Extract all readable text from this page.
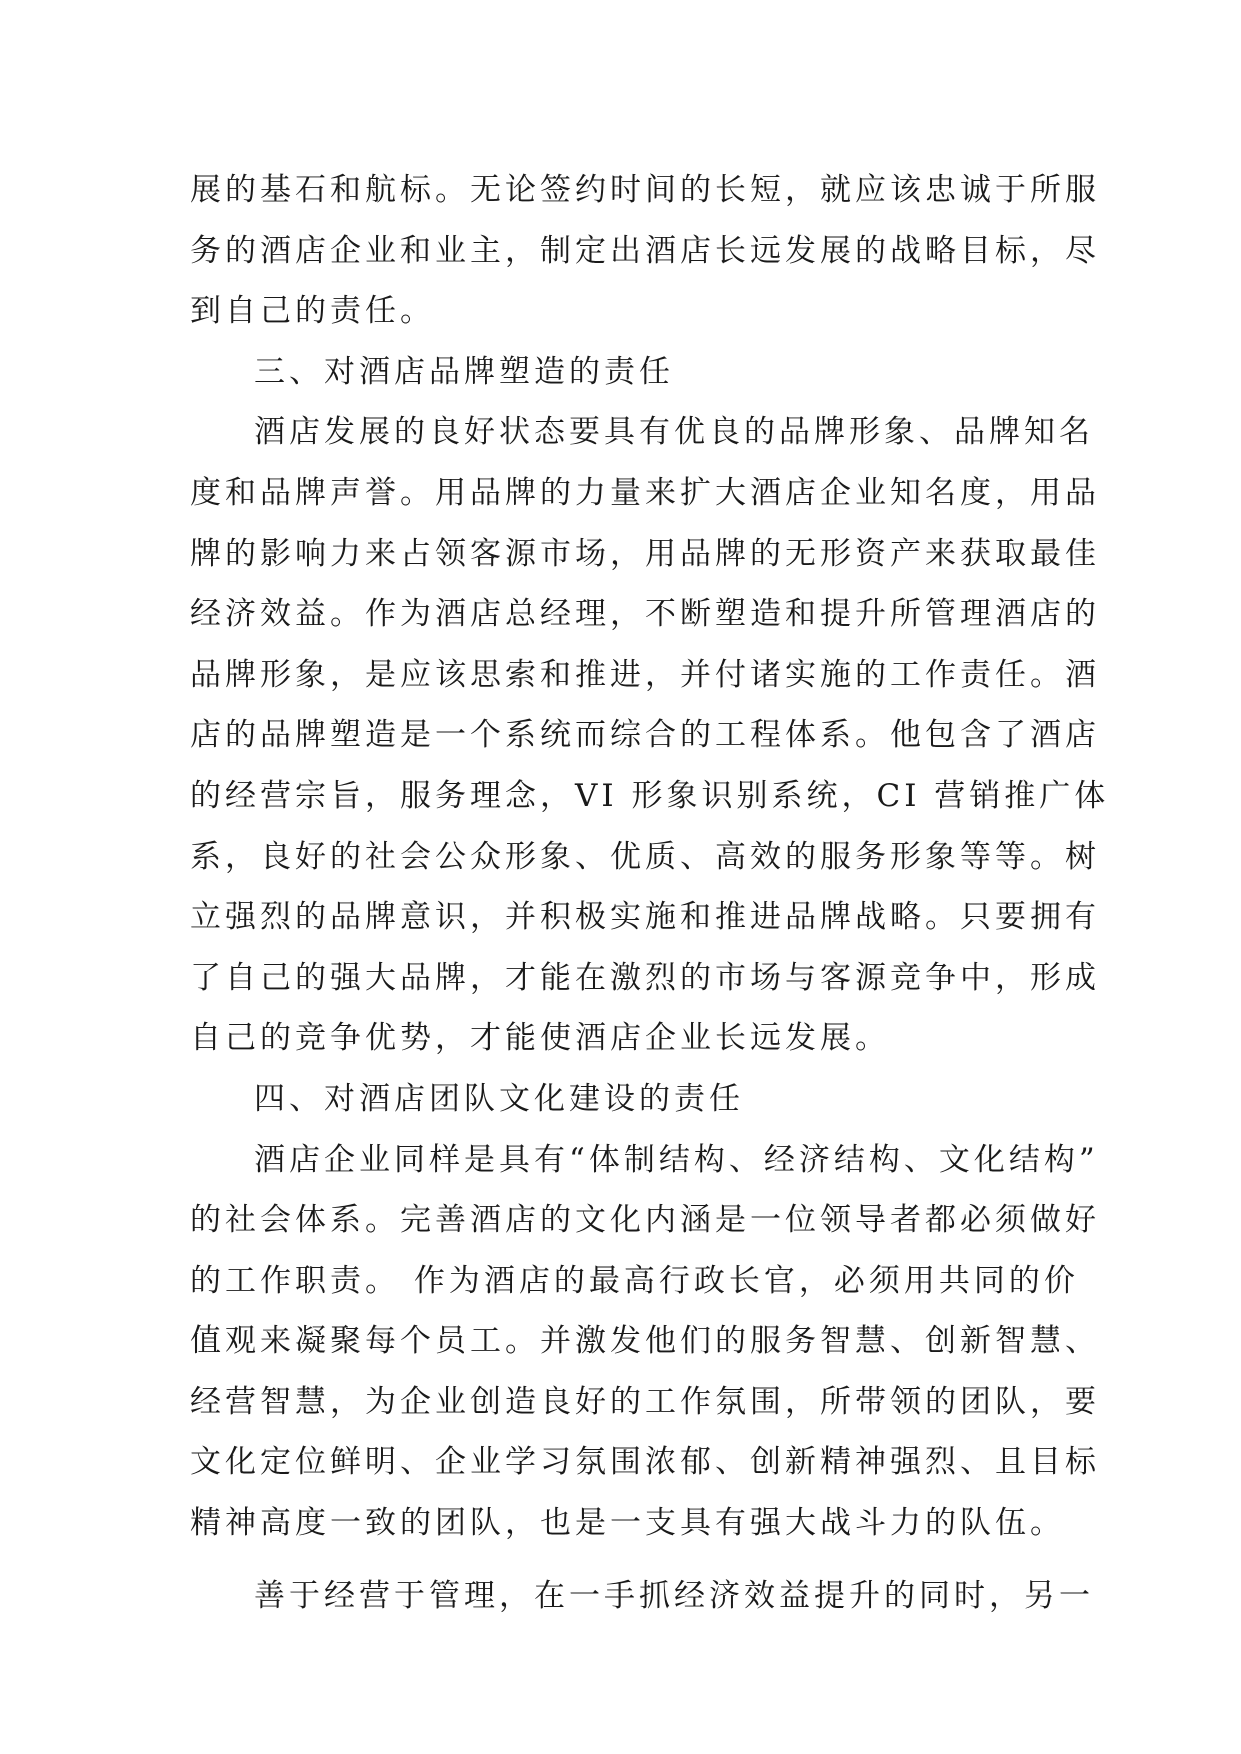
展的基石和航标。无论签约时间的长短，就应该忠诚于所服

务的酒店企业和业主，制定出酒店长远发展的战略目标，尽

到自己的责任。

三、对酒店品牌塑造的责任

酒店发展的良好状态要具有优良的品牌形象、品牌知名

度和品牌声誉。用品牌的力量来扩大酒店企业知名度，用品

牌的影响力来占领客源市场，用品牌的无形资产来获取最佳

经济效益。作为酒店总经理，不断塑造和提升所管理酒店的

品牌形象，是应该思索和推进，并付诸实施的工作责任。酒

店的品牌塑造是一个系统而综合的工程体系。他包含了酒店

的经营宗旨，服务理念，VI 形象识别系统，CI 营销推广体

系，良好的社会公众形象、优质、高效的服务形象等等。树

立强烈的品牌意识，并积极实施和推进品牌战略。只要拥有

了自己的强大品牌，才能在激烈的市场与客源竞争中，形成

自己的竞争优势，才能使酒店企业长远发展。

四、对酒店团队文化建设的责任

酒店企业同样是具有“体制结构、经济结构、文化结构”

的社会体系。完善酒店的文化内涵是一位领导者都必须做好

的工作职责。 作为酒店的最高行政长官，必须用共同的价

值观来凝聚每个员工。并激发他们的服务智慧、创新智慧、

经营智慧，为企业创造良好的工作氛围，所带领的团队，要

文化定位鲜明、企业学习氛围浓郁、创新精神强烈、且目标

精神高度一致的团队，也是一支具有强大战斗力的队伍。

善于经营于管理，在一手抓经济效益提升的同时，另一
